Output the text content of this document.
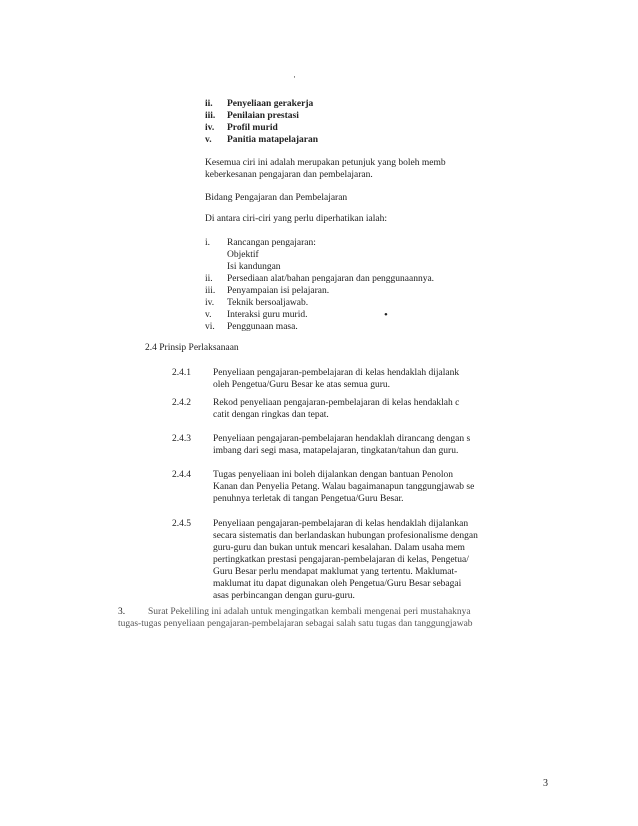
·
•
ii.	Penyeliaan gerakerja
iii.	Penilaian prestasi
iv.	Profil murid
v.	Panitia matapelajaran
Kesemua ciri ini adalah merupakan petunjuk yang boleh memb
keberkesanan pengajaran dan pembelajaran.
Bidang Pengajaran dan Pembelajaran
Di antara ciri-ciri yang perlu diperhatikan ialah:
i.	Rancangan pengajaran:
Objektif
Isi kandungan
ii.	Persediaan alat/bahan pengajaran dan penggunaannya.
iii.	Penyampaian isi pelajaran.
iv.	Teknik bersoaljawab.
v.	Interaksi guru murid.
vi.	Penggunaan masa.
2.4 Prinsip Perlaksanaan
2.4.1 Penyeliaan pengajaran-pembelajaran di kelas hendaklah dijalank
oleh Pengetua/Guru Besar ke atas semua guru.
2.4.2 Rekod penyeliaan pengajaran-pembelajaran di kelas hendaklah c
catit dengan ringkas dan tepat.
2.4.3 Penyeliaan pengajaran-pembelajaran hendaklah dirancang dengan s
imbang dari segi masa, matapelajaran, tingkatan/tahun dan guru.
2.4.4 Tugas penyeliaan ini boleh dijalankan dengan bantuan Penolon
Kanan dan Penyelia Petang. Walau bagaimanapun tanggungjawab se
penuhnya terletak di tangan Pengetua/Guru Besar.
2.4.5 Penyeliaan pengajaran-pembelajaran di kelas hendaklah dijalankan
secara sistematis dan berlandaskan hubungan profesionalisme dengan
guru-guru dan bukan untuk mencari kesalahan. Dalam usaha mem
pertingkatkan prestasi pengajaran-pembelajaran di kelas, Pengetua/
Guru Besar perlu mendapat maklumat yang tertentu. Maklumat-
maklumat itu dapat digunakan oleh Pengetua/Guru Besar sebagai
asas perbincangan dengan guru-guru.
3.	Surat Pekeliling ini adalah untuk mengingatkan kembali mengenai peri mustahaknya
tugas-tugas penyeliaan pengajaran-pembelajaran sebagai salah satu tugas dan tanggungjawab
3
